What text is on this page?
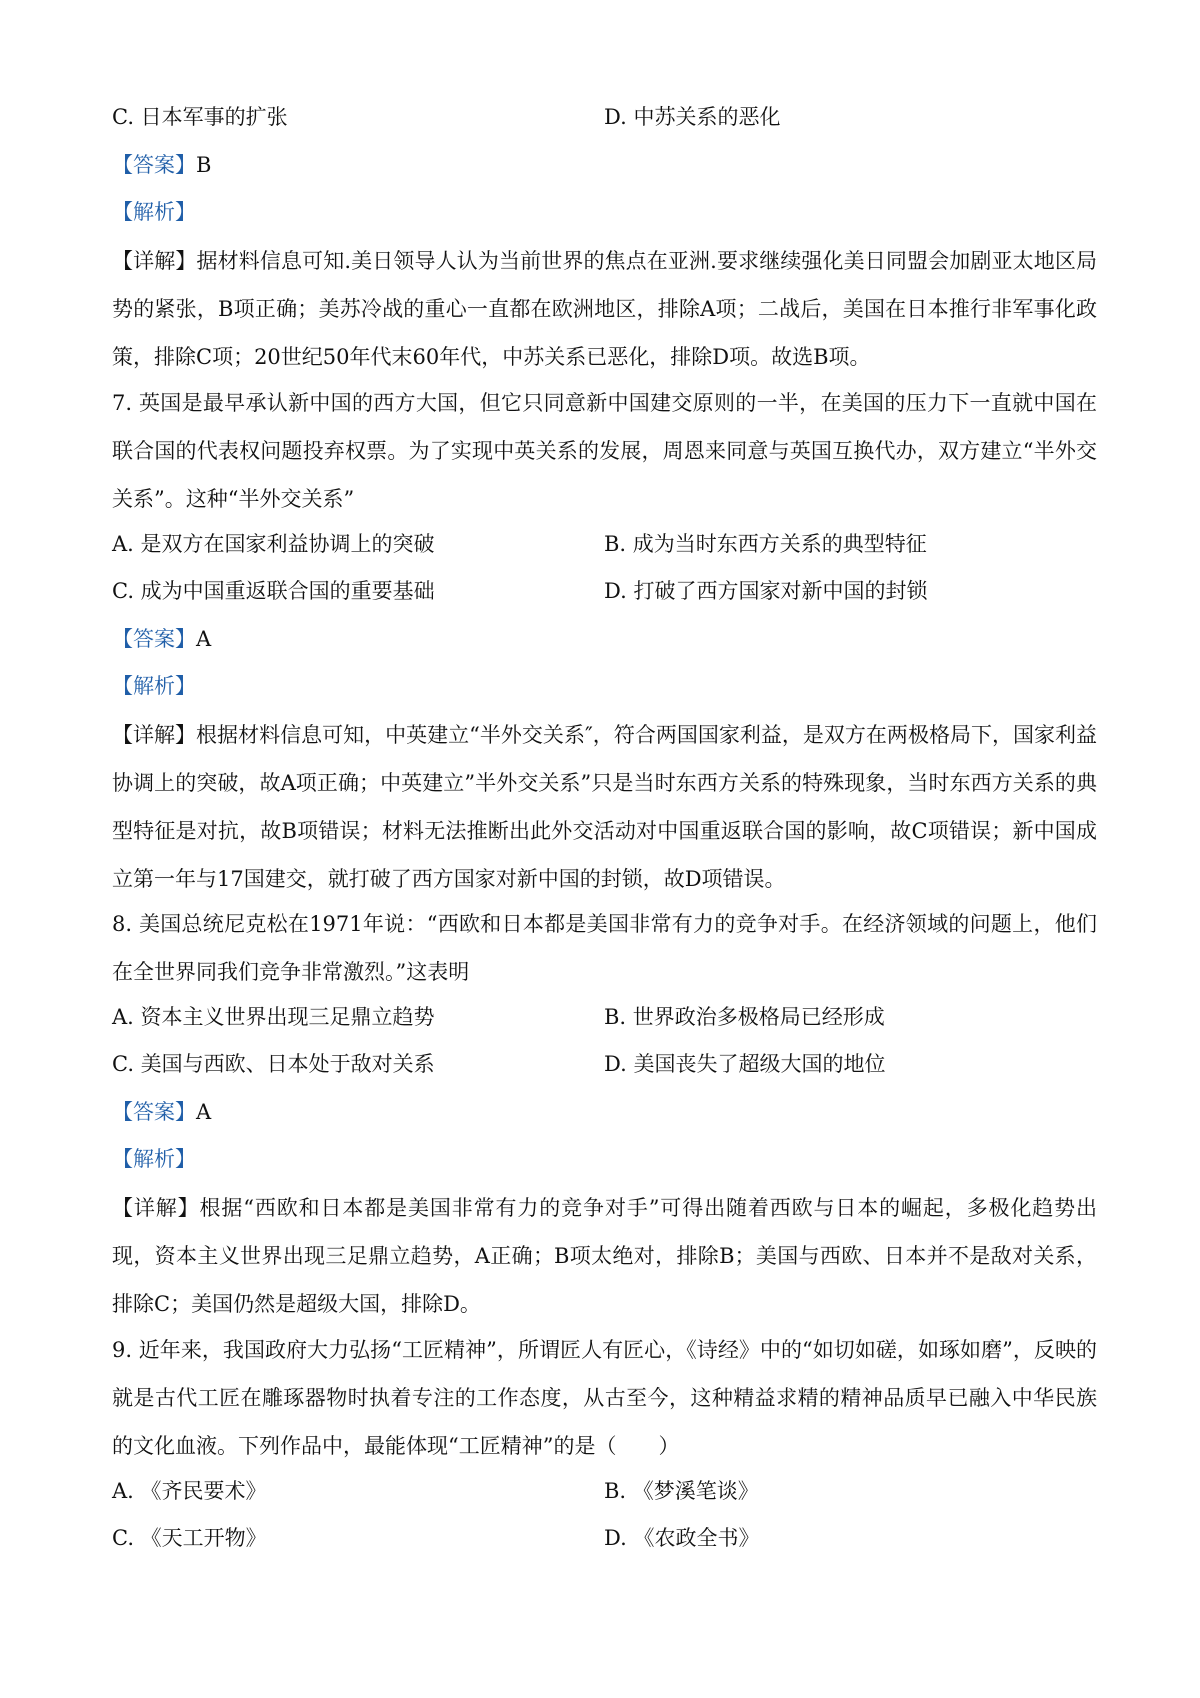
C. 日本军事的扩张	D. 中苏关系的恶化
【答案】B
【解析】
【详解】据材料信息可知.美日领导人认为当前世界的焦点在亚洲.要求继续强化美日同盟会加剧亚太地区局势的紧张，B项正确；美苏冷战的重心一直都在欧洲地区，排除A项；二战后，美国在日本推行非军事化政策，排除C项；20世纪50年代末60年代，中苏关系已恶化，排除D项。故选B项。
7. 英国是最早承认新中国的西方大国，但它只同意新中国建交原则的一半，在美国的压力下一直就中国在联合国的代表权问题投弃权票。为了实现中英关系的发展，周恩来同意与英国互换代办，双方建立“半外交关系”。这种“半外交关系”
A. 是双方在国家利益协调上的突破	B. 成为当时东西方关系的典型特征
C. 成为中国重返联合国的重要基础	D. 打破了西方国家对新中国的封锁
【答案】A
【解析】
【详解】根据材料信息可知，中英建立“半外交关系″，符合两国国家利益，是双方在两极格局下，国家利益协调上的突破，故A项正确；中英建立”半外交关系”只是当时东西方关系的特殊现象，当时东西方关系的典型特征是对抗，故B项错误；材料无法推断出此外交活动对中国重返联合国的影响，故C项错误；新中国成立第一年与17国建交，就打破了西方国家对新中国的封锁，故D项错误。
8. 美国总统尼克松在1971年说：“西欧和日本都是美国非常有力的竞争对手。在经济领域的问题上，他们在全世界同我们竞争非常激烈。”这表明
A. 资本主义世界出现三足鼎立趋势	B. 世界政治多极格局已经形成
C. 美国与西欧、日本处于敌对关系	D. 美国丧失了超级大国的地位
【答案】A
【解析】
【详解】根据“西欧和日本都是美国非常有力的竞争对手”可得出随着西欧与日本的崛起，多极化趋势出现，资本主义世界出现三足鼎立趋势，A正确；B项太绝对，排除B；美国与西欧、日本并不是敌对关系，排除C；美国仍然是超级大国，排除D。
9. 近年来，我国政府大力弘扬“工匠精神”，所谓匠人有匠心，《诗经》中的“如切如磋，如琢如磨”，反映的就是古代工匠在雕琢器物时执着专注的工作态度，从古至今，这种精益求精的精神品质早已融入中华民族的文化血液。下列作品中，最能体现“工匠精神”的是（　　）
A. 《齐民要术》	B. 《梦溪笔谈》
C. 《天工开物》	D. 《农政全书》
